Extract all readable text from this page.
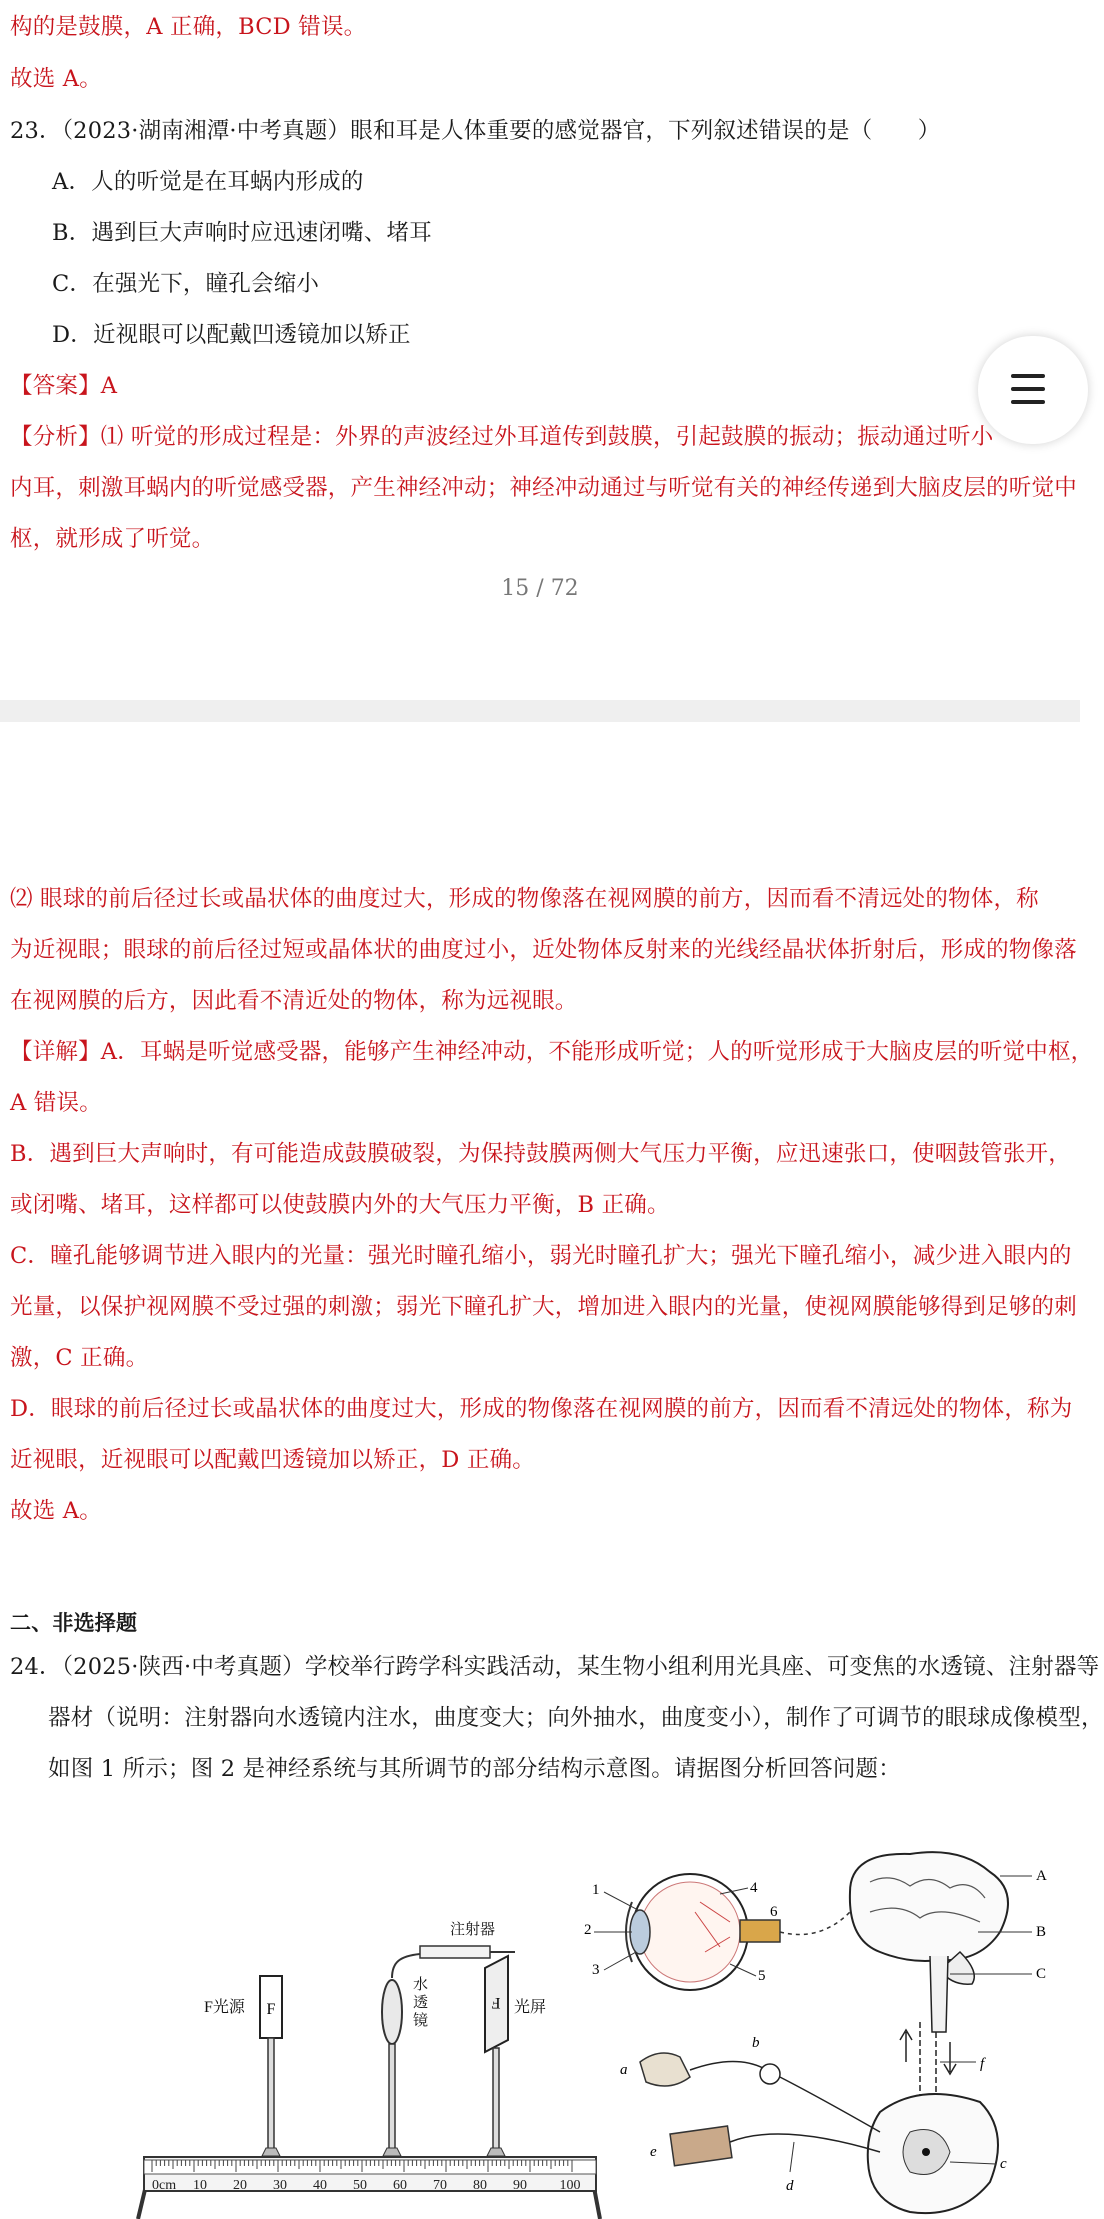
构的是鼓膜，A 正确，BCD 错误。
故选 A。
23．（2023·湖南湘潭·中考真题）眼和耳是人体重要的感觉器官，下列叙述错误的是（　　）
A．人的听觉是在耳蜗内形成的
B．遇到巨大声响时应迅速闭嘴、堵耳
C．在强光下，瞳孔会缩小
D．近视眼可以配戴凹透镜加以矫正
【答案】A
【分析】⑴ 听觉的形成过程是：外界的声波经过外耳道传到鼓膜，引起鼓膜的振动；振动通过听小
内耳，刺激耳蜗内的听觉感受器，产生神经冲动；神经冲动通过与听觉有关的神经传递到大脑皮层的听觉中
枢，就形成了听觉。
15 / 72
⑵ 眼球的前后径过长或晶状体的曲度过大，形成的物像落在视网膜的前方，因而看不清远处的物体，称
为近视眼；眼球的前后径过短或晶体状的曲度过小，近处物体反射来的光线经晶状体折射后，形成的物像落
在视网膜的后方，因此看不清近处的物体，称为远视眼。
【详解】A．耳蜗是听觉感受器，能够产生神经冲动，不能形成听觉；人的听觉形成于大脑皮层的听觉中枢，
A 错误。
B．遇到巨大声响时，有可能造成鼓膜破裂，为保持鼓膜两侧大气压力平衡，应迅速张口，使咽鼓管张开，
或闭嘴、堵耳，这样都可以使鼓膜内外的大气压力平衡，B 正确。
C．瞳孔能够调节进入眼内的光量：强光时瞳孔缩小，弱光时瞳孔扩大；强光下瞳孔缩小，减少进入眼内的
光量，以保护视网膜不受过强的刺激；弱光下瞳孔扩大，增加进入眼内的光量，使视网膜能够得到足够的刺
激，C 正确。
D．眼球的前后径过长或晶状体的曲度过大，形成的物像落在视网膜的前方，因而看不清远处的物体，称为
近视眼，近视眼可以配戴凹透镜加以矫正，D 正确。
故选 A。
二、非选择题
24．（2025·陕西·中考真题）学校举行跨学科实践活动，某生物小组利用光具座、可变焦的水透镜、注射器等
器材（说明：注射器向水透镜内注水，曲度变大；向外抽水，曲度变小），制作了可调节的眼球成像模型，
如图 1 所示；图 2 是神经系统与其所调节的部分结构示意图。请据图分析回答问题：
0cm 10 20 30 40 50 60 70 80 90 100
F
F光源
水透镜
注射器
F 光屏
1
2
3
4
5
6
A
B
C
f
a
b
c
e
d
